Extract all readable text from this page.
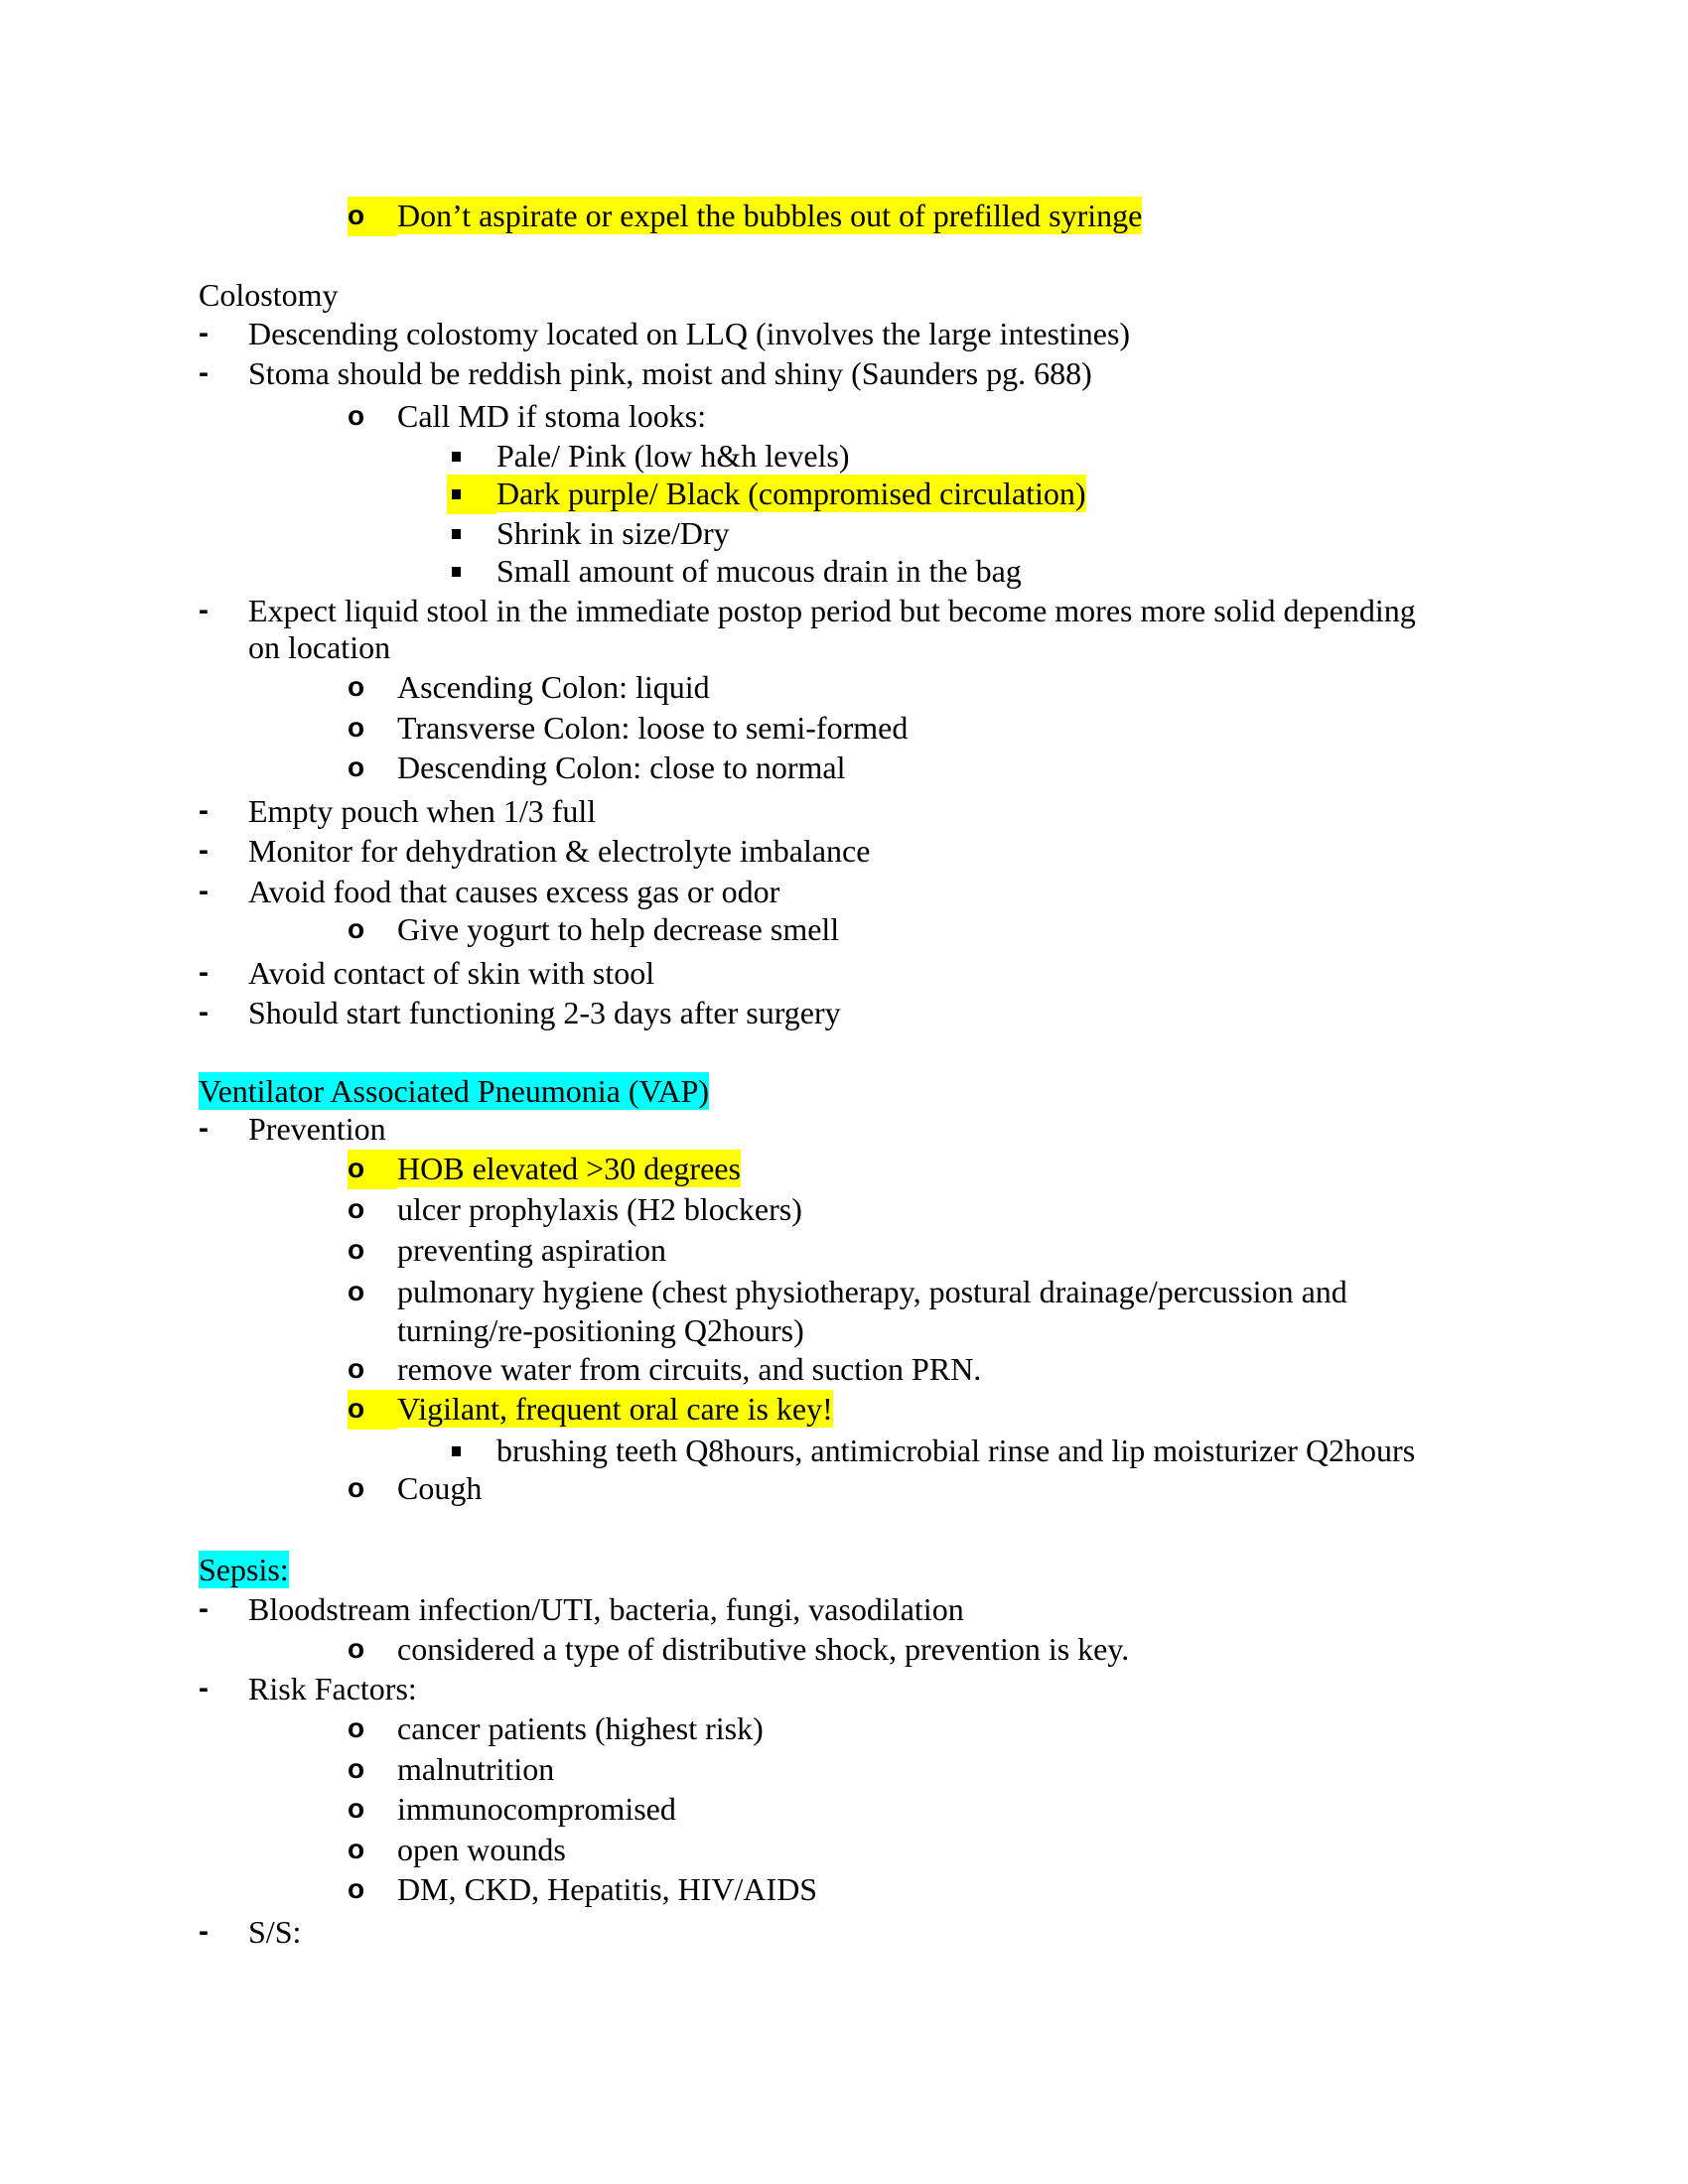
o	Don’t aspirate or expel the bubbles out of prefilled syringe
Colostomy
- Descending colostomy located on LLQ (involves the large intestines)
- Stoma should be reddish pink, moist and shiny (Saunders pg. 688)
o	Call MD if stoma looks:
Pale/ Pink (low h&h levels)
Dark purple/ Black (compromised circulation)
Shrink in size/Dry
Small amount of mucous drain in the bag
- Expect liquid stool in the immediate postop period but become mores more solid depending
on location
o	Ascending Colon: liquid
o	Transverse Colon: loose to semi-formed
o	Descending Colon: close to normal
- Empty pouch when 1/3 full
- Monitor for dehydration & electrolyte imbalance
- Avoid food that causes excess gas or odor
o	Give yogurt to help decrease smell
- Avoid contact of skin with stool
- Should start functioning 2-3 days after surgery
Ventilator Associated Pneumonia (VAP)
- Prevention
o	HOB elevated >30 degrees
o	ulcer prophylaxis (H2 blockers)
o	preventing aspiration
o	pulmonary hygiene (chest physiotherapy, postural drainage/percussion and
turning/re-positioning Q2hours)
o	remove water from circuits, and suction PRN.
o	Vigilant, frequent oral care is key!
brushing teeth Q8hours, antimicrobial rinse and lip moisturizer Q2hours
o	Cough
Sepsis:
- Bloodstream infection/UTI, bacteria, fungi, vasodilation
o	considered a type of distributive shock, prevention is key.
- Risk Factors:
o	cancer patients (highest risk)
o	malnutrition
o	immunocompromised
o	open wounds
o	DM, CKD, Hepatitis, HIV/AIDS
- S/S:
